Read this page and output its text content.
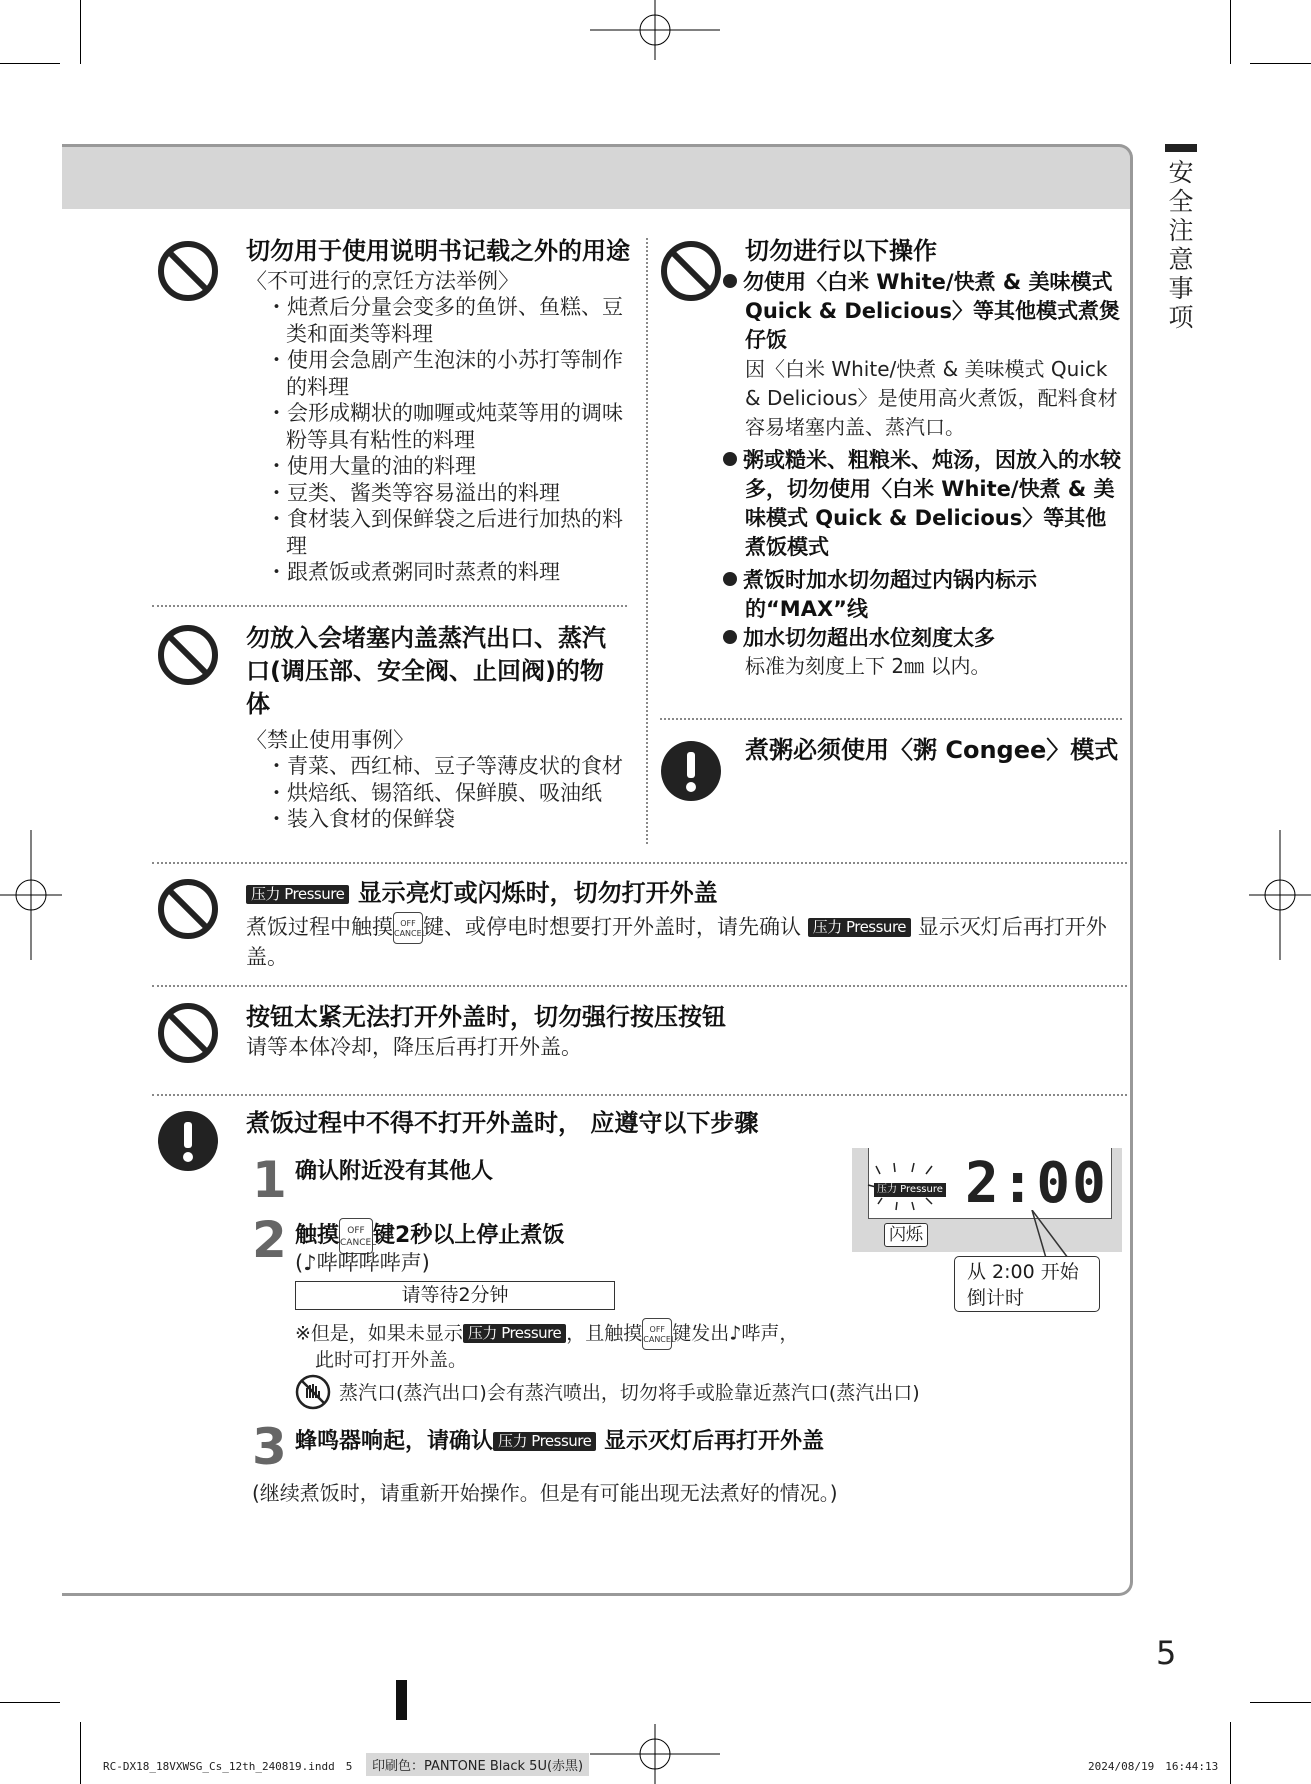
安全注意事项
切勿用于使用说明书记载之外的用途
〈不可进行的烹饪方法举例〉
・炖煮后分量会变多的鱼饼、鱼糕、豆类和面类等料理
・使用会急剧产生泡沫的小苏打等制作的料理
・会形成糊状的咖喱或炖菜等用的调味粉等具有粘性的料理
・使用大量的油的料理
・豆类、酱类等容易溢出的料理
・食材装入到保鲜袋之后进行加热的料理
・跟煮饭或煮粥同时蒸煮的料理
勿放入会堵塞内盖蒸汽出口、蒸汽口(调压部、安全阀、止回阀)的物体
〈禁止使用事例〉
・青菜、西红柿、豆子等薄皮状的食材
・烘焙纸、锡箔纸、保鲜膜、吸油纸
・装入食材的保鲜袋
切勿进行以下操作
勿使用〈白米 White/快煮 & 美味模式 Quick & Delicious〉等其他模式煮煲仔饭
因〈白米 White/快煮 & 美味模式 Quick & Delicious〉是使用高火煮饭，配料食材容易堵塞内盖、蒸汽口。
粥或糙米、粗粮米、炖汤，因放入的水较多，切勿使用〈白米 White/快煮 & 美味模式 Quick & Delicious〉等其他煮饭模式
煮饭时加水切勿超过内锅内标示的“MAX”线
加水切勿超出水位刻度太多
标准为刻度上下 2㎜ 以内。
煮粥必须使用〈粥 Congee〉模式
压力 Pressure 显示亮灯或闪烁时，切勿打开外盖
煮饭过程中触摸 OFF
CANCEL键、或停电时想要打开外盖时，请先确认 压力 Pressure 显示灭灯后再打开外盖。
按钮太紧无法打开外盖时，切勿强行按压按钮
请等本体冷却，降压后再打开外盖。
煮饭过程中不得不打开外盖时， 应遵守以下步骤
1 确认附近没有其他人
2 触摸 OFF
CANCEL键2秒以上停止煮饭
(♪哔哔哔哔声)
请等待2分钟
※但是，如果未显示 压力 Pressure ，且触摸 OFF
CANCEL键发出♪哔声，
此时可打开外盖。
蒸汽口(蒸汽出口)会有蒸汽喷出，切勿将手或脸靠近蒸汽口(蒸汽出口)
3 蜂鸣器响起，请确认 压力 Pressure 显示灭灯后再打开外盖
(继续煮饭时，请重新开始操作。但是有可能出现无法煮好的情况。)
压力 Pressure 2:00
闪烁
从 2:00 开始
倒计时
5
RC-DX18_18VXWSG_Cs_12th_240819.indd　5	印刷色：PANTONE Black 5U(赤黒)	2024/08/19　16:44:13
